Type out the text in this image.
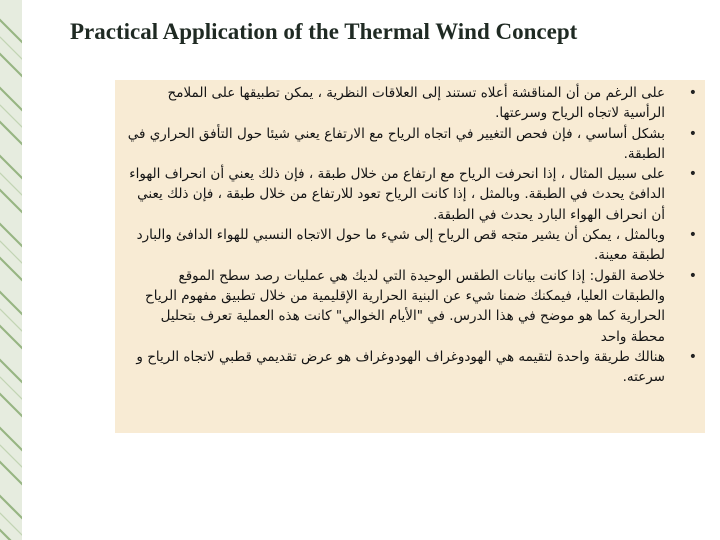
Practical Application of the Thermal Wind Concept
•
على الرغم من أن المناقشة أعلاه تستند إلى العلاقات النظرية ، يمكن تطبيقها على الملامح الرأسية لاتجاه الرياح وسرعتها.
•
بشكل أساسي ، فإن فحص التغيير في اتجاه الرياح مع الارتفاع يعني شيئا حول التأفق الحراري في الطبقة.
•
على سبيل المثال ، إذا انحرفت الرياح مع ارتفاع من خلال طبقة ، فإن ذلك يعني أن انحراف الهواء الدافئ يحدث في الطبقة. وبالمثل ، إذا كانت الرياح تعود للارتفاع من خلال طبقة ، فإن ذلك يعني أن انحراف الهواء البارد يحدث في الطبقة.
•
وبالمثل ، يمكن أن يشير متجه قص الرياح إلى شيء ما حول الاتجاه النسبي للهواء الدافئ والبارد لطبقة معينة.
•
خلاصة القول: إذا كانت بيانات الطقس الوحيدة التي لديك هي عمليات رصد سطح الموقع والطبقات العليا، فيمكنك ضمنا شيء عن البنية الحرارية الإقليمية من خلال تطبيق مفهوم الرياح الحرارية كما هو موضح في هذا الدرس. في "الأيام الخوالي" كانت هذه العملية تعرف بتحليل محطة واحد
•
هنالك طريقة واحدة لتقيمه هي الهودوغراف الهودوغراف هو عرض تقديمي قطبي لاتجاه الرياح و سرعته.
